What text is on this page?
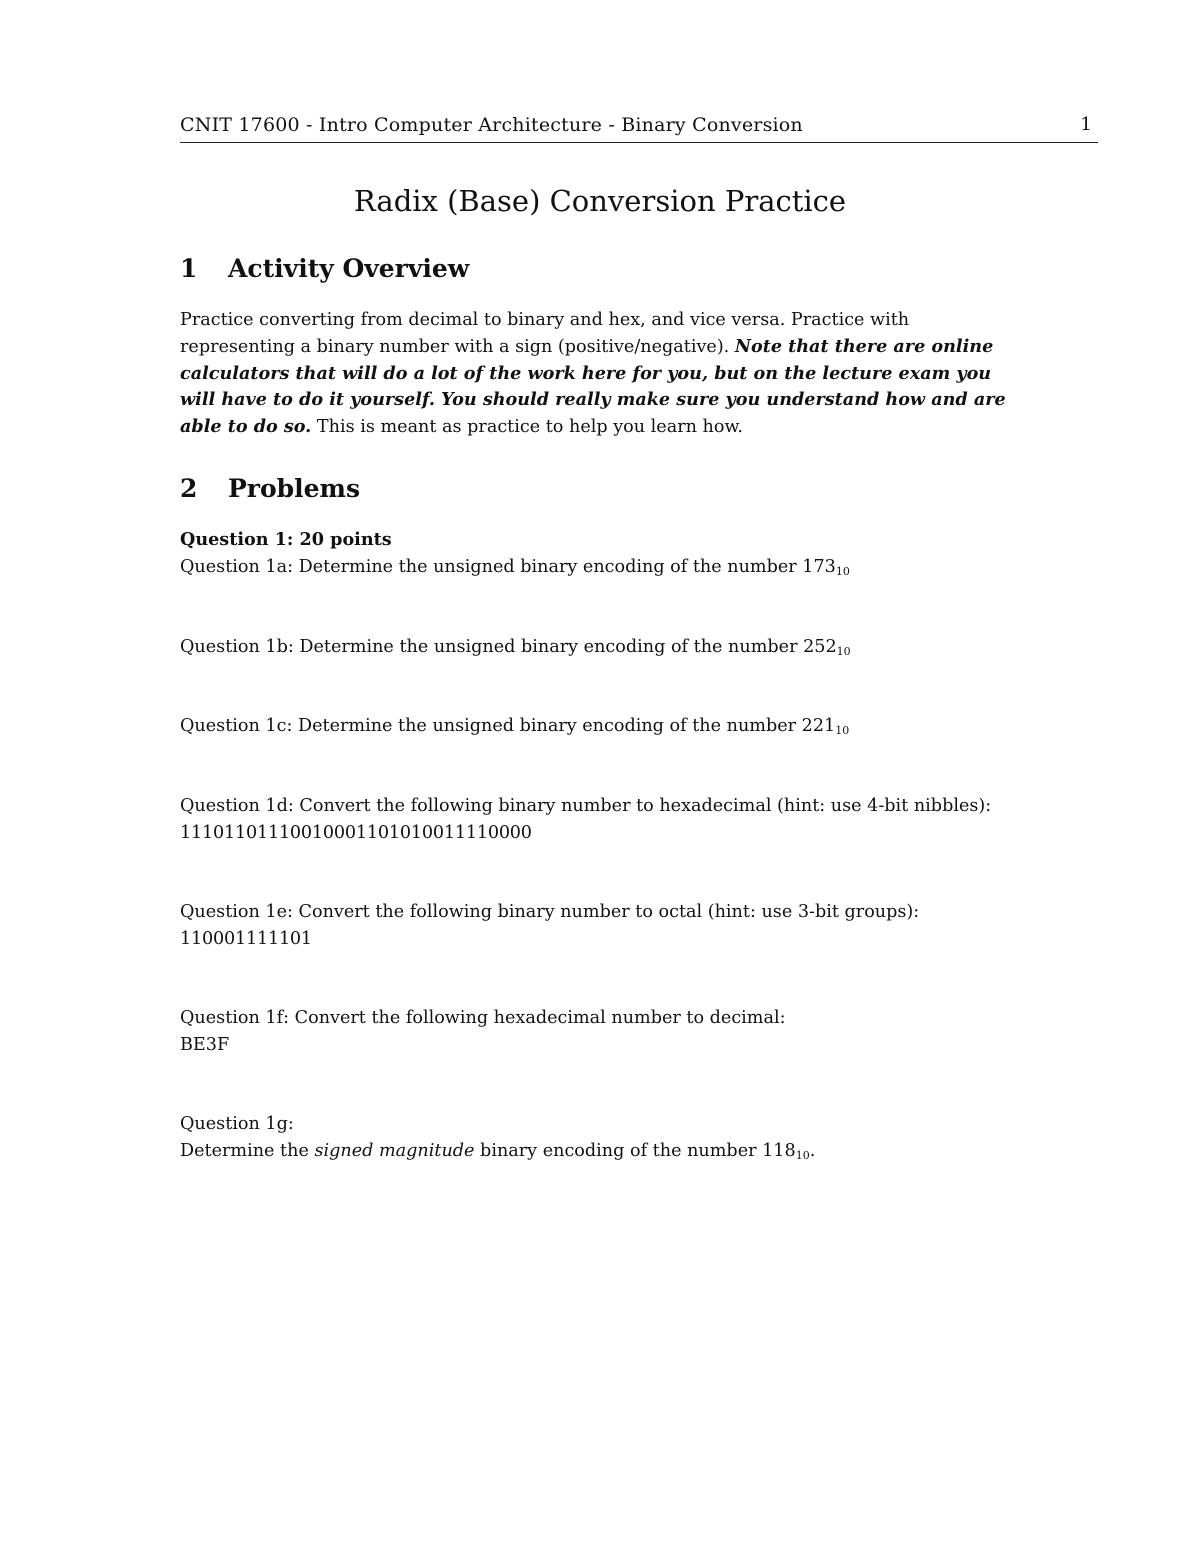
CNIT 17600 - Intro Computer Architecture - Binary Conversion	1
Radix (Base) Conversion Practice
1 Activity Overview
Practice converting from decimal to binary and hex, and vice versa. Practice with representing a binary number with a sign (positive/negative). Note that there are online calculators that will do a lot of the work here for you, but on the lecture exam you will have to do it yourself. You should really make sure you understand how and are able to do so. This is meant as practice to help you learn how.
2 Problems
Question 1: 20 points
Question 1a: Determine the unsigned binary encoding of the number $173_{10}$
Question 1b: Determine the unsigned binary encoding of the number $252_{10}$
Question 1c: Determine the unsigned binary encoding of the number $221_{10}$
Question 1d: Convert the following binary number to hexadecimal (hint: use 4-bit nibbles):
11101101110010001101010011110000
Question 1e: Convert the following binary number to octal (hint: use 3-bit groups):
110001111101
Question 1f: Convert the following hexadecimal number to decimal:
BE3F
Question 1g:
Determine the signed magnitude binary encoding of the number $118_{10}$.
